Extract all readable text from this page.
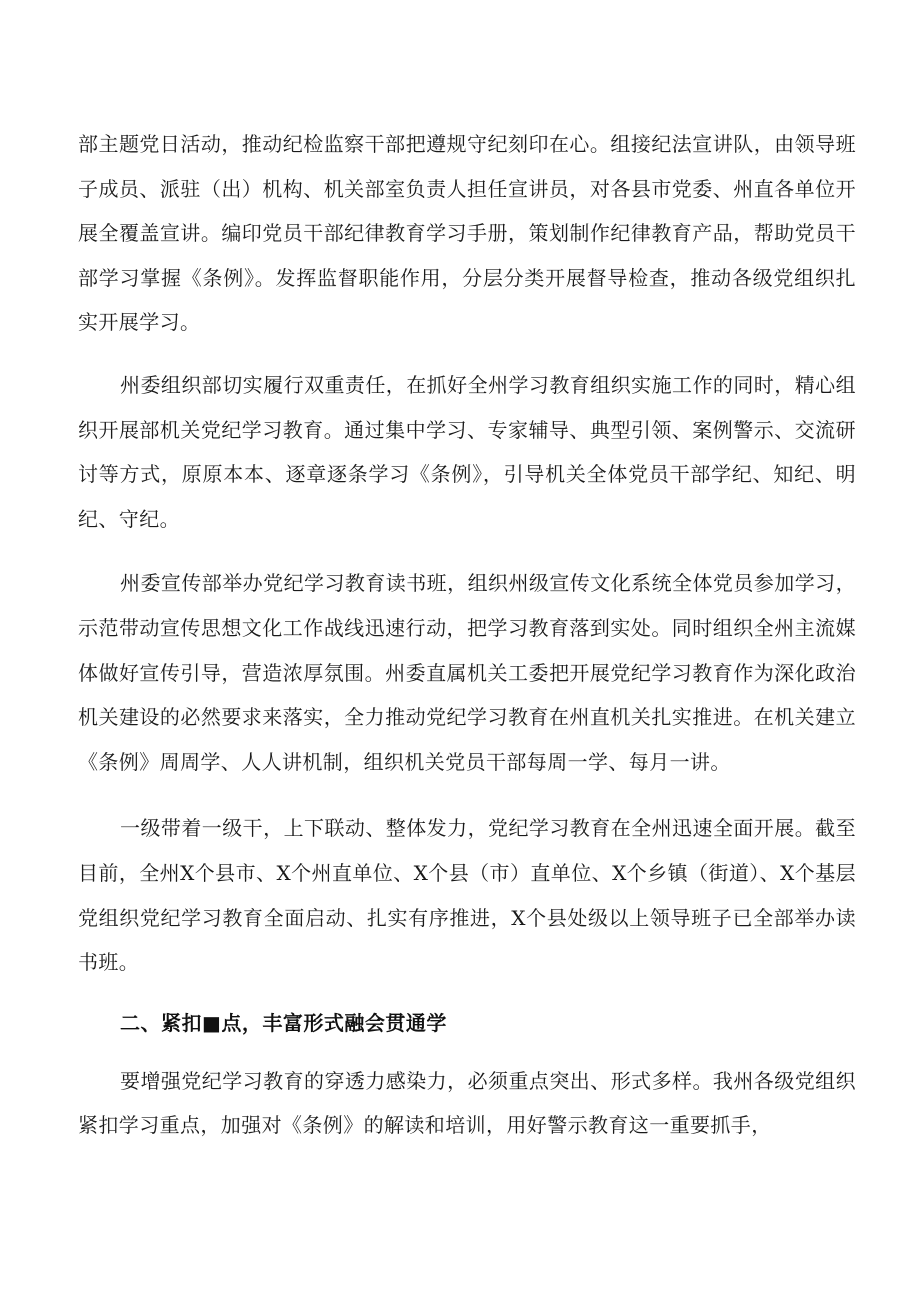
部主题党日活动，推动纪检监察干部把遵规守纪刻印在心。组接纪法宣讲队，由领导班子成员、派驻（出）机构、机关部室负责人担任宣讲员，对各县市党委、州直各单位开展全覆盖宣讲。编印党员干部纪律教育学习手册，策划制作纪律教育产品，帮助党员干部学习掌握《条例》。发挥监督职能作用，分层分类开展督导检查，推动各级党组织扎实开展学习。

州委组织部切实履行双重责任，在抓好全州学习教育组织实施工作的同时，精心组织开展部机关党纪学习教育。通过集中学习、专家辅导、典型引领、案例警示、交流研讨等方式，原原本本、逐章逐条学习《条例》，引导机关全体党员干部学纪、知纪、明纪、守纪。

州委宣传部举办党纪学习教育读书班，组织州级宣传文化系统全体党员参加学习，示范带动宣传思想文化工作战线迅速行动，把学习教育落到实处。同时组织全州主流媒体做好宣传引导，营造浓厚氛围。州委直属机关工委把开展党纪学习教育作为深化政治机关建设的必然要求来落实，全力推动党纪学习教育在州直机关扎实推进。在机关建立《条例》周周学、人人讲机制，组织机关党员干部每周一学、每月一讲。

一级带着一级干，上下联动、整体发力，党纪学习教育在全州迅速全面开展。截至目前，全州X个县市、X个州直单位、X个县（市）直单位、X个乡镇（街道）、X个基层党组织党纪学习教育全面启动、扎实有序推进，X个县处级以上领导班子已全部举办读书班。

二、紧扣■点，丰富形式融会贯通学

要增强党纪学习教育的穿透力感染力，必须重点突出、形式多样。我州各级党组织紧扣学习重点，加强对《条例》的解读和培训，用好警示教育这一重要抓手，
